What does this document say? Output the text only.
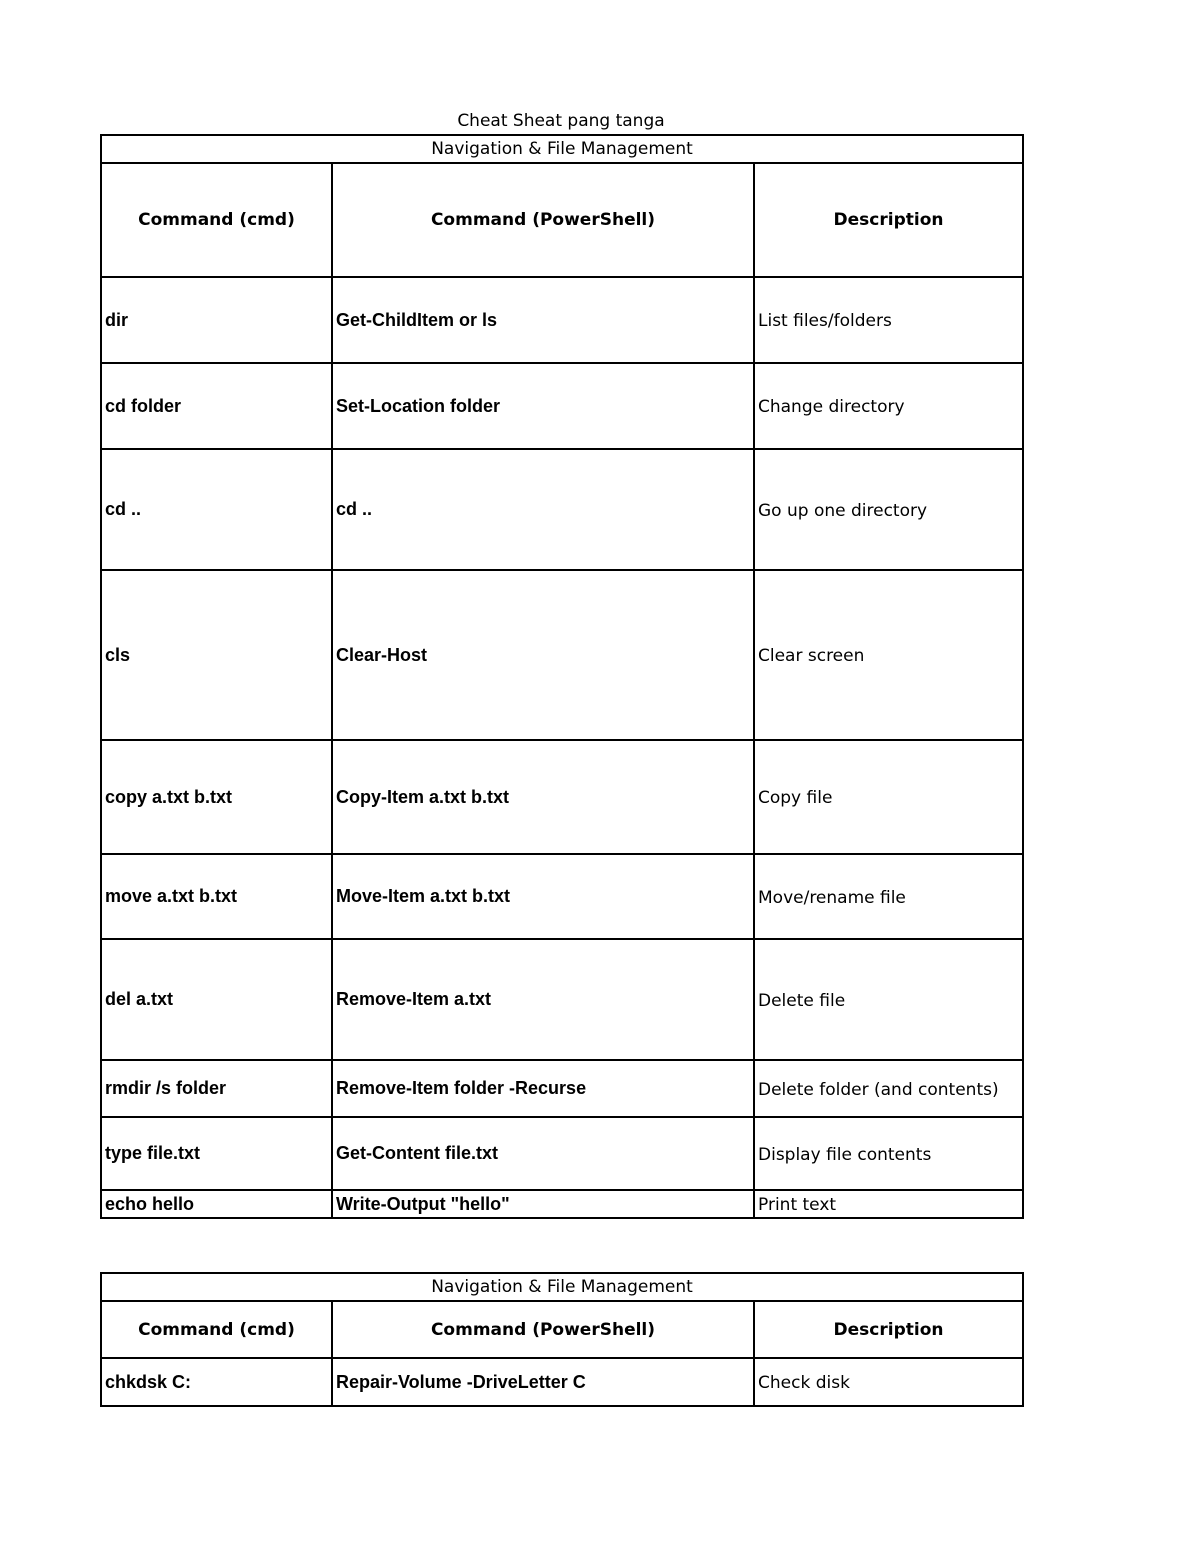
Cheat Sheat pang tanga
Navigation & File Management		
Command (cmd)	Command (PowerShell)	Description
dir	Get-ChildItem or ls	List files/folders
cd folder	Set-Location folder	Change directory
cd ..	cd ..	Go up one directory
cls	Clear-Host	Clear screen
copy a.txt b.txt	Copy-Item a.txt b.txt	Copy file
move a.txt b.txt	Move-Item a.txt b.txt	Move/rename file
del a.txt	Remove-Item a.txt	Delete file
rmdir /s folder	Remove-Item folder -Recurse	Delete folder (and contents)
type file.txt	Get-Content file.txt	Display file contents
echo hello	Write-Output "hello"	Print text
Navigation & File Management		
Command (cmd)	Command (PowerShell)	Description
chkdsk C:	Repair-Volume -DriveLetter C	Check disk
